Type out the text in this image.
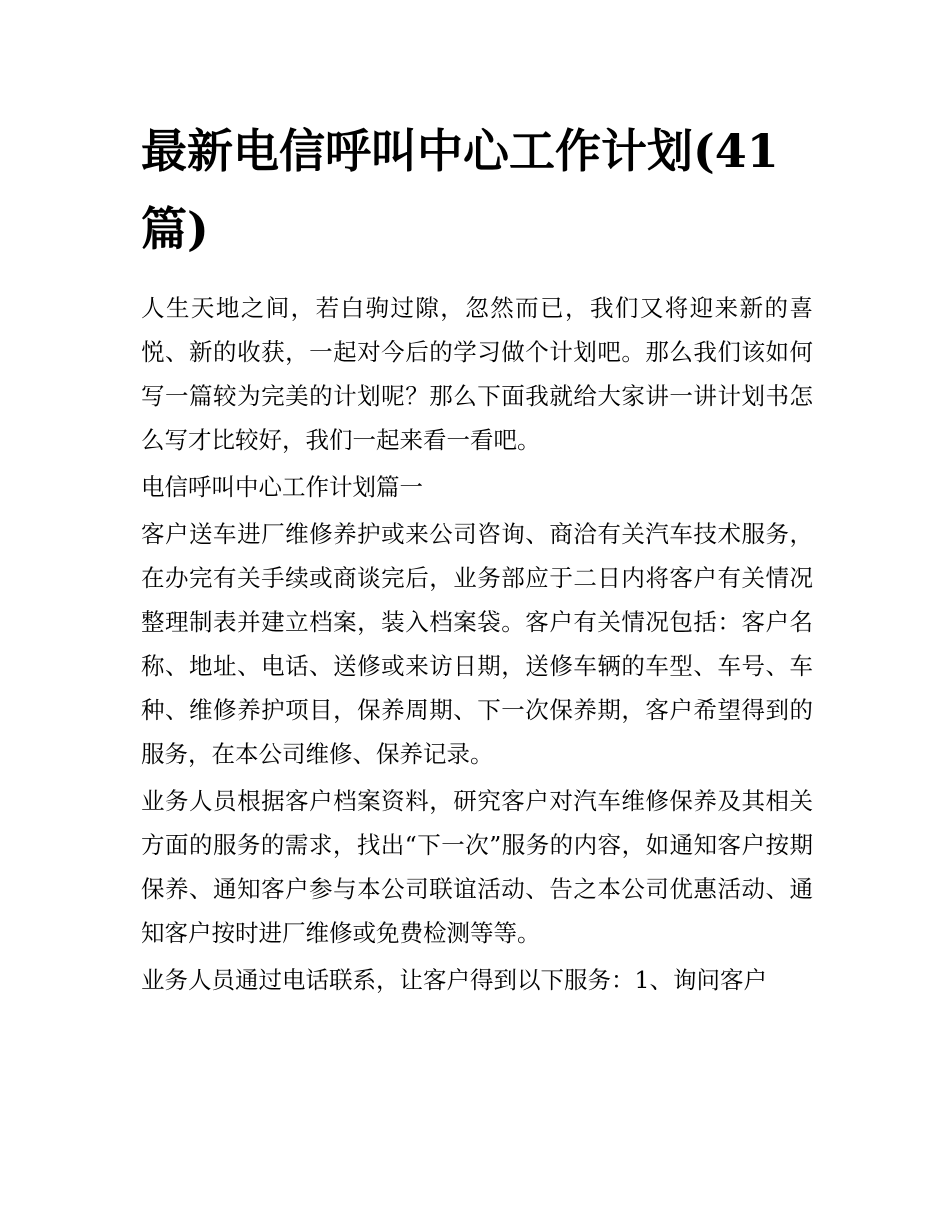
最新电信呼叫中心工作计划(41篇)

人生天地之间，若白驹过隙，忽然而已，我们又将迎来新的喜悦、新的收获，一起对今后的学习做个计划吧。那么我们该如何写一篇较为完美的计划呢？那么下面我就给大家讲一讲计划书怎么写才比较好，我们一起来看一看吧。

电信呼叫中心工作计划篇一

客户送车进厂维修养护或来公司咨询、商洽有关汽车技术服务，在办完有关手续或商谈完后，业务部应于二日内将客户有关情况整理制表并建立档案，装入档案袋。客户有关情况包括：客户名称、地址、电话、送修或来访日期，送修车辆的车型、车号、车种、维修养护项目，保养周期、下一次保养期，客户希望得到的服务，在本公司维修、保养记录。

业务人员根据客户档案资料，研究客户对汽车维修保养及其相关方面的服务的需求，找出“下一次”服务的内容，如通知客户按期保养、通知客户参与本公司联谊活动、告之本公司优惠活动、通知客户按时进厂维修或免费检测等等。

业务人员通过电话联系，让客户得到以下服务：1、询问客户
